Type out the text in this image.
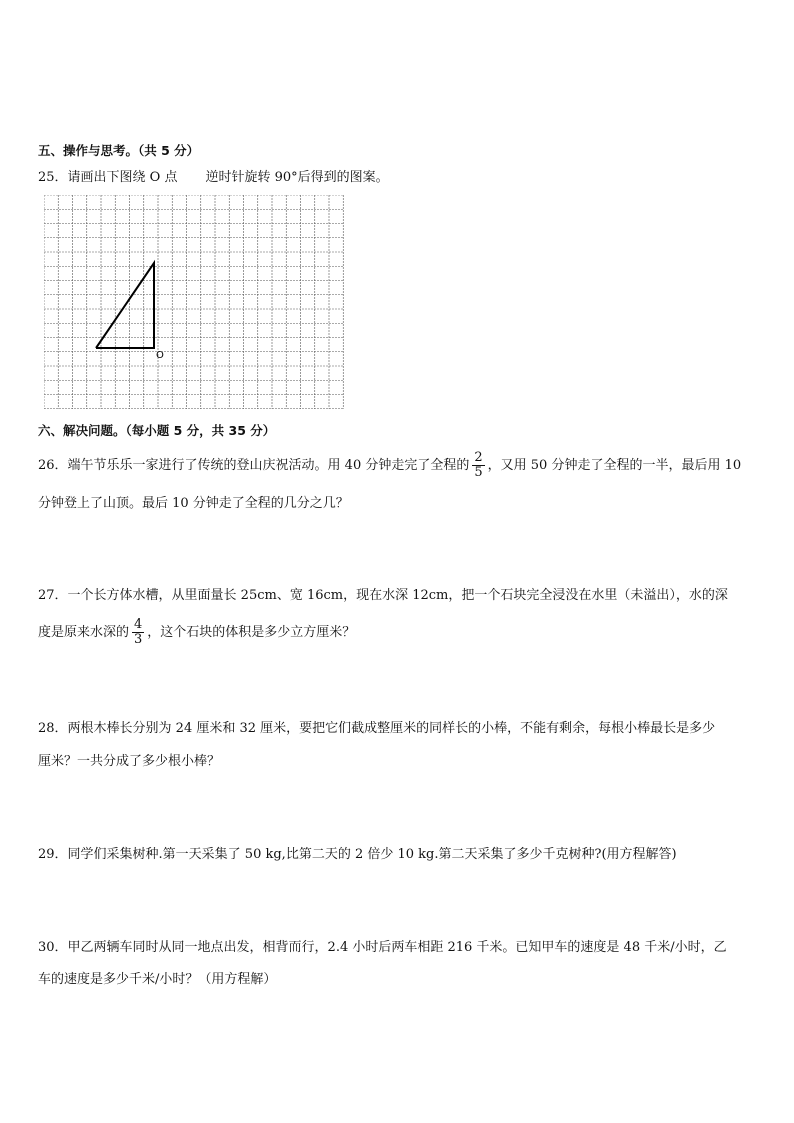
五、操作与思考。（共 5 分）
25．请画出下图绕 O 点 逆时针旋转 90°后得到的图案。
O
六、解决问题。（每小题 5 分，共 35 分）
26．端午节乐乐一家进行了传统的登山庆祝活动。用 40 分钟走完了全程的 $\frac{2}{5}$ ，又用 50 分钟走了全程的一半，最后用 10
分钟登上了山顶。最后 10 分钟走了全程的几分之几？
27．一个长方体水槽，从里面量长 25cm、宽 16cm，现在水深 12cm，把一个石块完全浸没在水里（未溢出），水的深
度是原来水深的 $\frac{4}{3}$ ，这个石块的体积是多少立方厘米？
28．两根木棒长分别为 24 厘米和 32 厘米，要把它们截成整厘米的同样长的小棒，不能有剩余，每根小棒最长是多少
厘米？一共分成了多少根小棒？
29．同学们采集树种.第一天采集了 50 kg,比第二天的 2 倍少 10 kg.第二天采集了多少千克树种?(用方程解答)
30．甲乙两辆车同时从同一地点出发，相背而行，2.4 小时后两车相距 216 千米。已知甲车的速度是 48 千米/小时，乙
车的速度是多少千米/小时？（用方程解）
